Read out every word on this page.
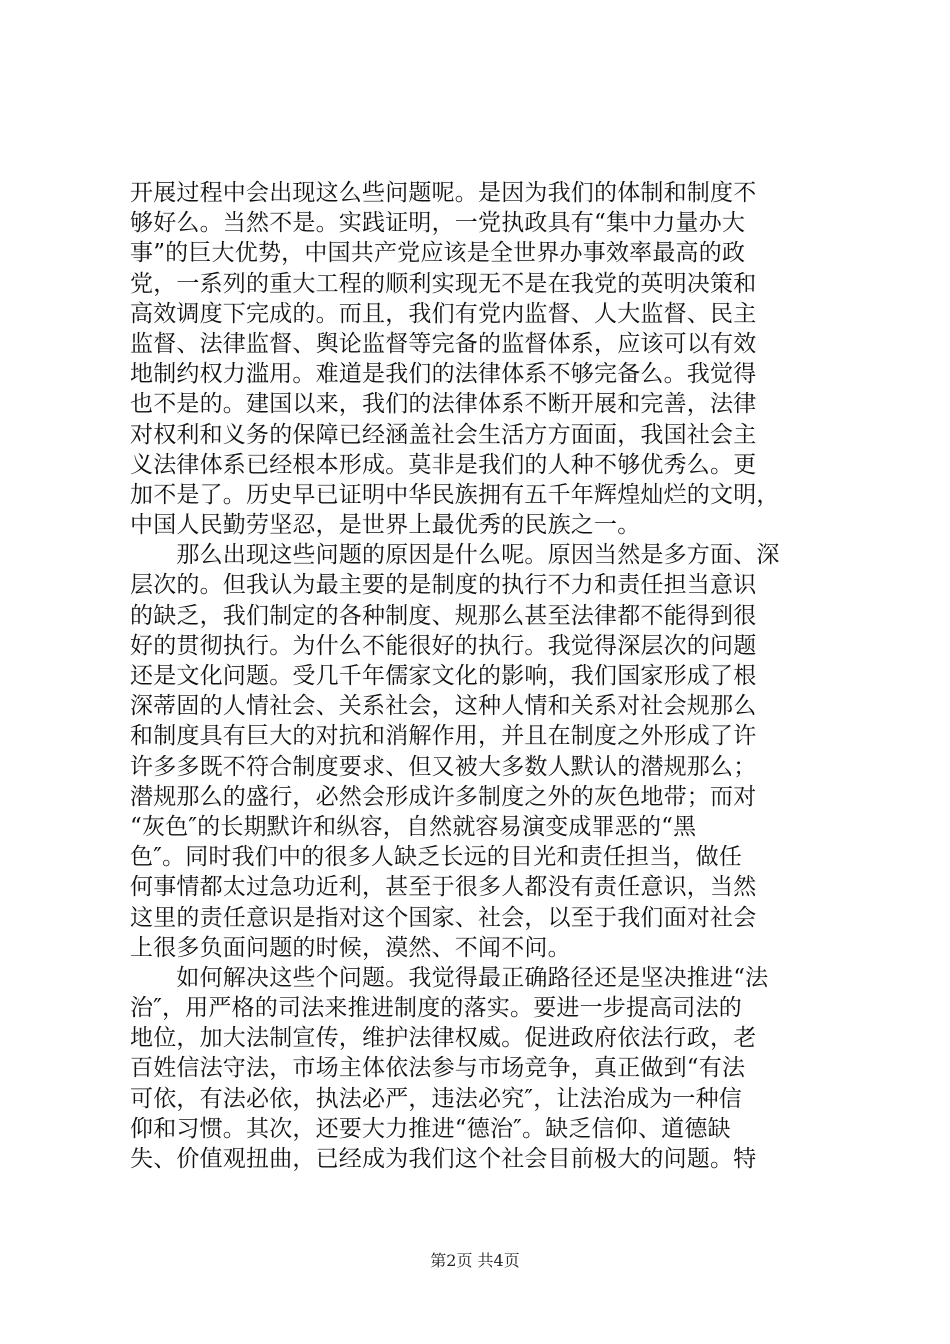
开展过程中会出现这么些问题呢。是因为我们的体制和制度不
够好么。当然不是。实践证明，一党执政具有“集中力量办大
事”的巨大优势，中国共产党应该是全世界办事效率最高的政
党，一系列的重大工程的顺利实现无不是在我党的英明决策和
高效调度下完成的。而且，我们有党内监督、人大监督、民主
监督、法律监督、舆论监督等完备的监督体系，应该可以有效
地制约权力滥用。难道是我们的法律体系不够完备么。我觉得
也不是的。建国以来，我们的法律体系不断开展和完善，法律
对权利和义务的保障已经涵盖社会生活方方面面，我国社会主
义法律体系已经根本形成。莫非是我们的人种不够优秀么。更
加不是了。历史早已证明中华民族拥有五千年辉煌灿烂的文明，
中国人民勤劳坚忍，是世界上最优秀的民族之一。
　　那么出现这些问题的原因是什么呢。原因当然是多方面、深
层次的。但我认为最主要的是制度的执行不力和责任担当意识
的缺乏，我们制定的各种制度、规那么甚至法律都不能得到很
好的贯彻执行。为什么不能很好的执行。我觉得深层次的问题
还是文化问题。受几千年儒家文化的影响，我们国家形成了根
深蒂固的人情社会、关系社会，这种人情和关系对社会规那么
和制度具有巨大的对抗和消解作用，并且在制度之外形成了许
许多多既不符合制度要求、但又被大多数人默认的潜规那么；
潜规那么的盛行，必然会形成许多制度之外的灰色地带；而对
“灰色″的长期默许和纵容，自然就容易演变成罪恶的“黑
色″。同时我们中的很多人缺乏长远的目光和责任担当，做任
何事情都太过急功近利，甚至于很多人都没有责任意识，当然
这里的责任意识是指对这个国家、社会，以至于我们面对社会
上很多负面问题的时候，漠然、不闻不问。
　　如何解决这些个问题。我觉得最正确路径还是坚决推进“法
治″，用严格的司法来推进制度的落实。要进一步提高司法的
地位，加大法制宣传，维护法律权威。促进政府依法行政，老
百姓信法守法，市场主体依法参与市场竞争，真正做到“有法
可依，有法必依，执法必严，违法必究″，让法治成为一种信
仰和习惯。其次，还要大力推进“德治″。缺乏信仰、道德缺
失、价值观扭曲，已经成为我们这个社会目前极大的问题。特
第2页 共4页
